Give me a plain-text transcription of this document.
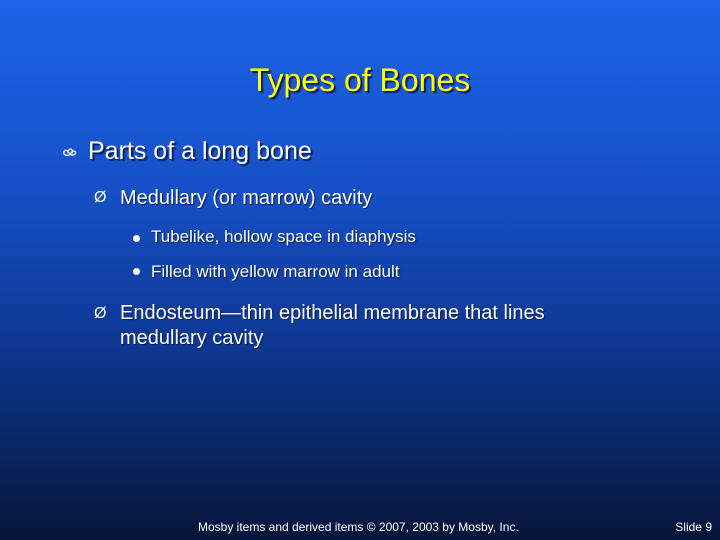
Types of Bones
Parts of a long bone
Ø Medullary (or marrow) cavity
Tubelike, hollow space in diaphysis
Filled with yellow marrow in adult
Ø Endosteum—thin epithelial membrane that lines
medullary cavity
Mosby items and derived items © 2007, 2003 by Mosby, Inc.	Slide 9
